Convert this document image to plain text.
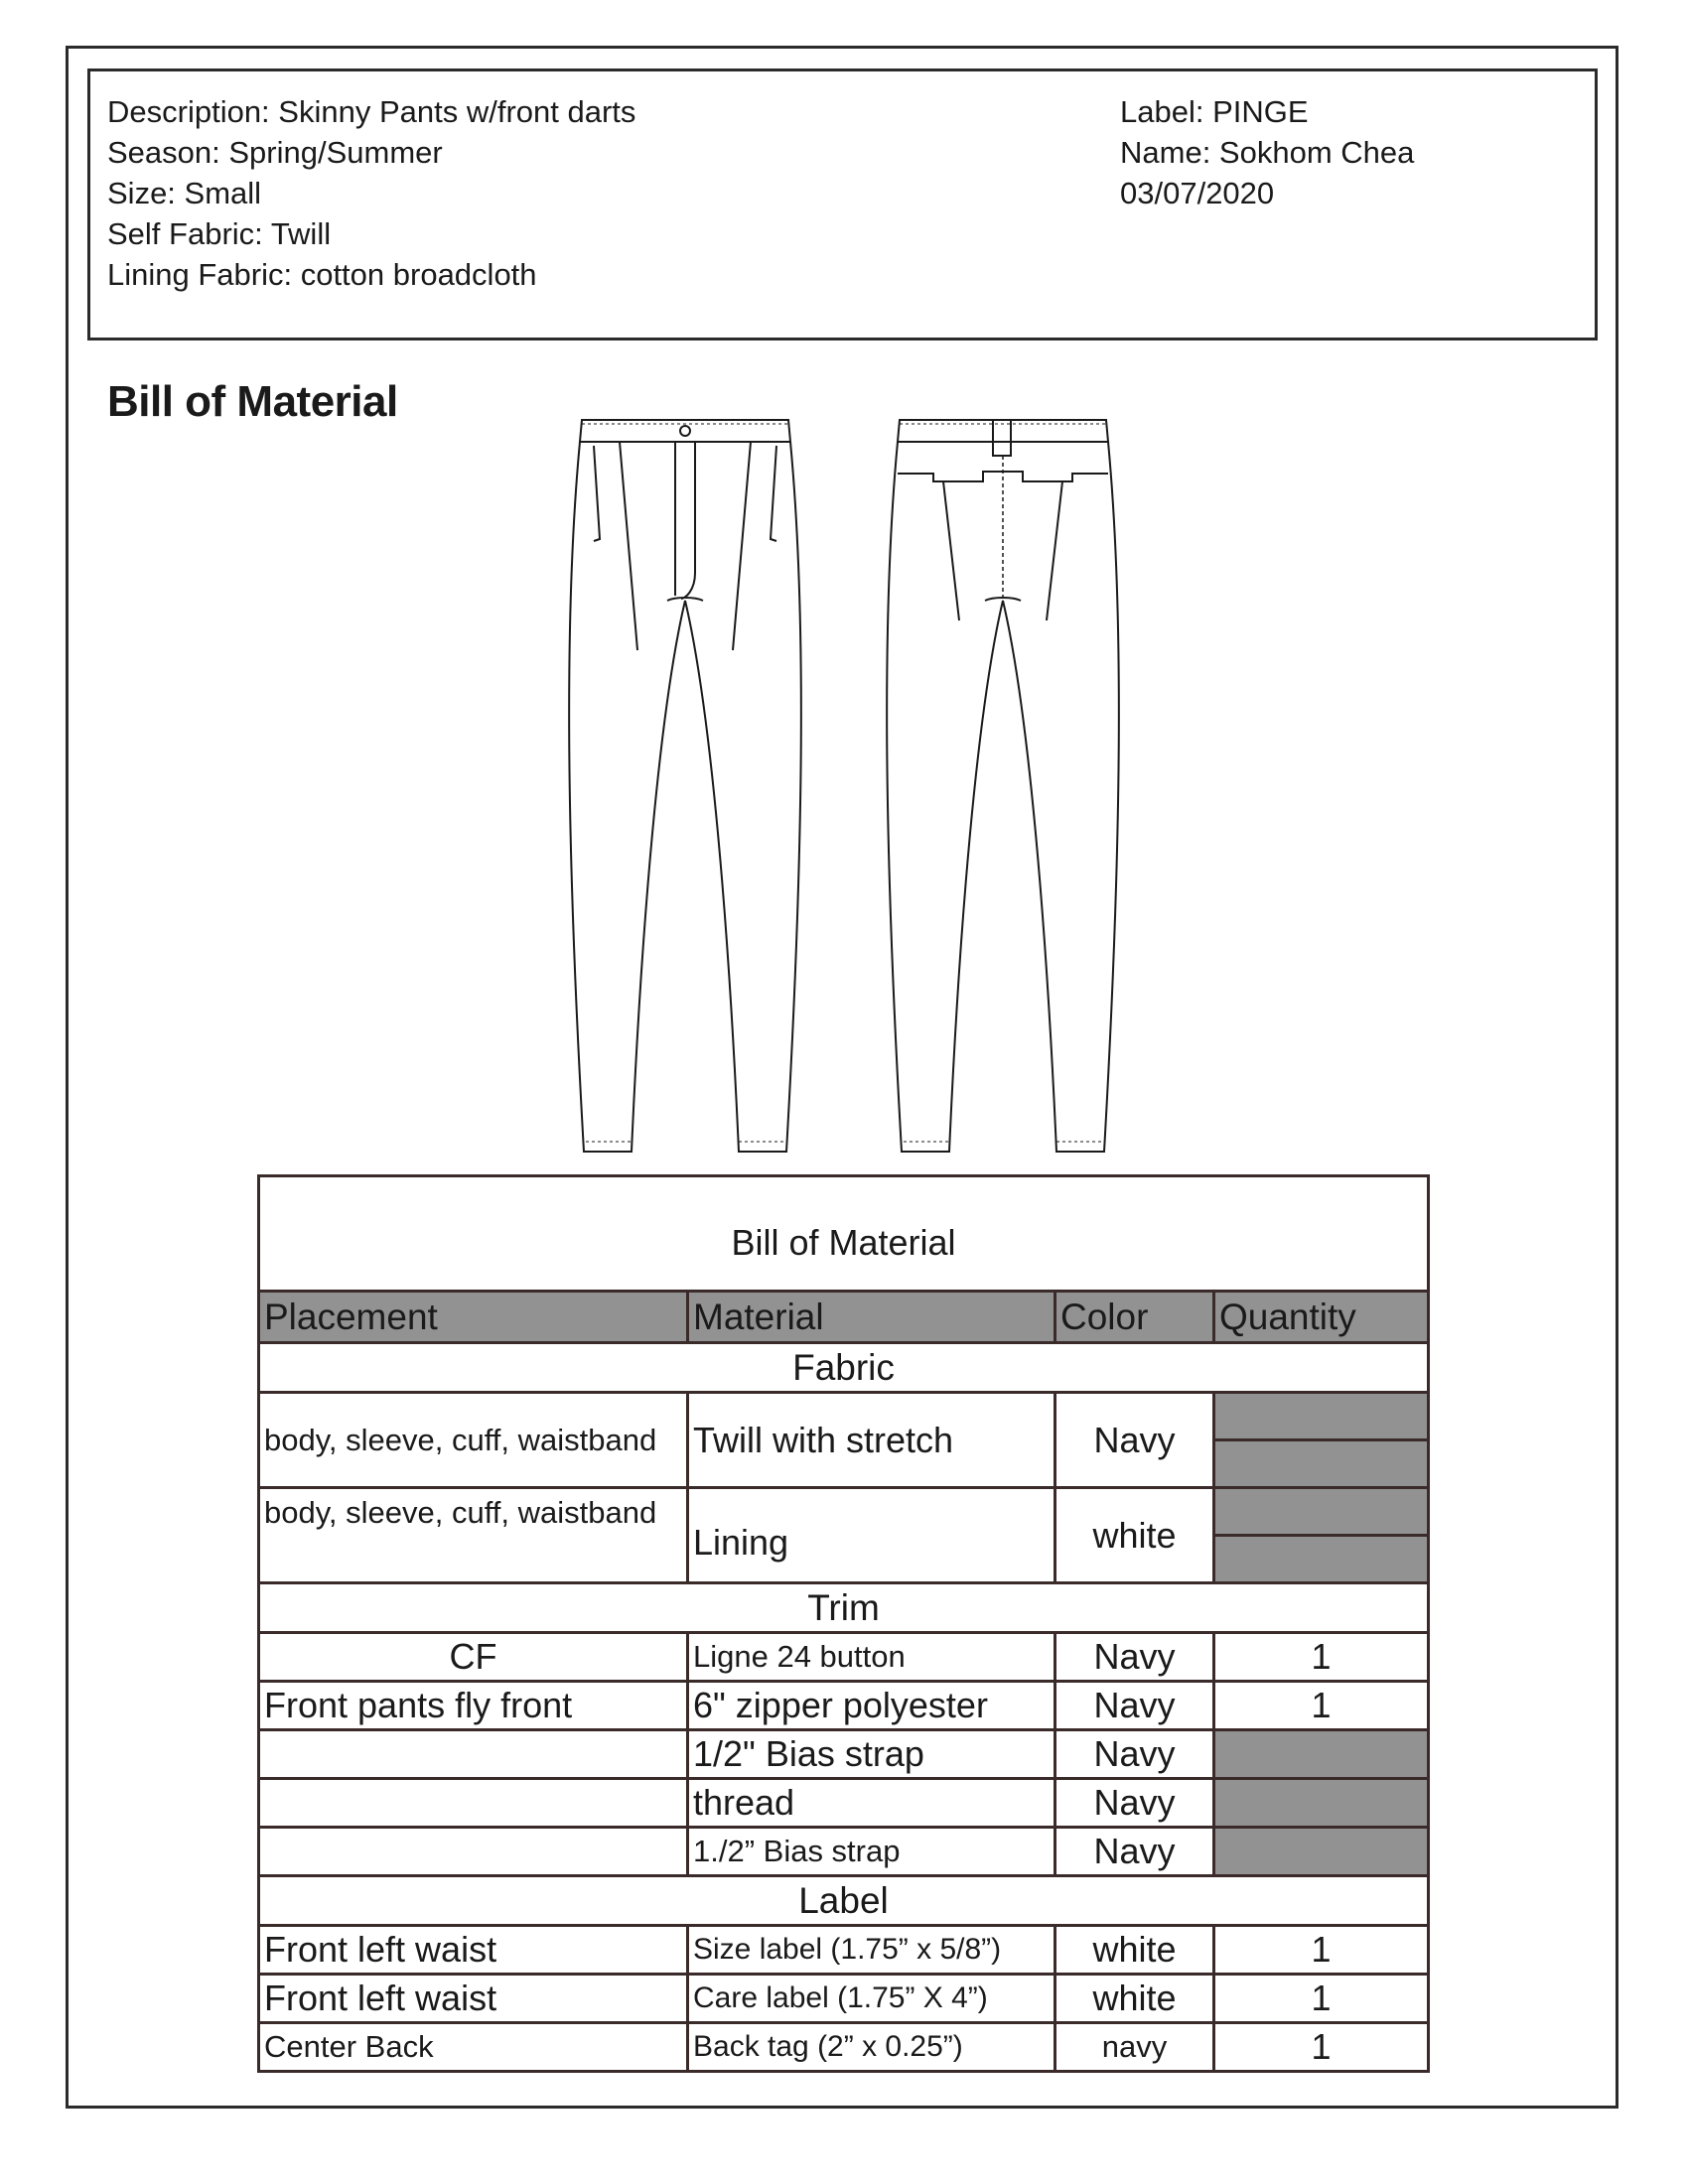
Description: Skinny Pants w/front darts
Season: Spring/Summer
Size: Small
Self Fabric: Twill
Lining Fabric: cotton broadcloth
Label: PINGE
Name: Sokhom Chea
03/07/2020
Bill of Material
Bill of Material			
Placement	Material	Color	Quantity
Fabric			
body, sleeve, cuff, waistband	Twill with stretch	Navy	

body, sleeve, cuff, waistband	Lining	white	

Trim			
CF	Ligne 24 button	Navy	1
Front pants fly front	6" zipper polyester	Navy	1
	1/2" Bias strap	Navy	
	thread	Navy	
	1./2” Bias strap	Navy	
Label			
Front left waist	Size label (1.75” x 5/8”)	white	1
Front left waist	Care label (1.75” X 4”)	white	1
Center Back	Back tag (2” x 0.25”)	navy	1
